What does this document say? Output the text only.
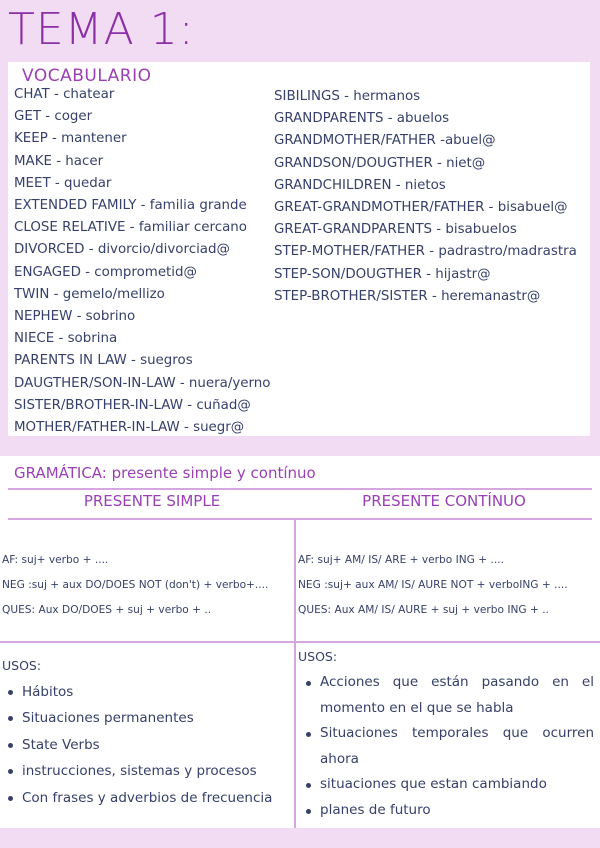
TEMA 1:
VOCABULARIO
CHAT - chatear
GET - coger
KEEP - mantener
MAKE - hacer
MEET - quedar
EXTENDED FAMILY - familia grande
CLOSE RELATIVE - familiar cercano
DIVORCED - divorcio/divorciad@
ENGAGED - comprometid@
TWIN - gemelo/mellizo
NEPHEW - sobrino
NIECE - sobrina
PARENTS IN LAW - suegros
DAUGTHER/SON-IN-LAW - nuera/yerno
SISTER/BROTHER-IN-LAW - cuñad@
MOTHER/FATHER-IN-LAW - suegr@
SIBILINGS - hermanos
GRANDPARENTS - abuelos
GRANDMOTHER/FATHER -abuel@
GRANDSON/DOUGTHER - niet@
GRANDCHILDREN - nietos
GREAT-GRANDMOTHER/FATHER - bisabuel@
GREAT-GRANDPARENTS - bisabuelos
STEP-MOTHER/FATHER - padrastro/madrastra
STEP-SON/DOUGTHER - hijastr@
STEP-BROTHER/SISTER - heremanastr@
GRAMÁTICA: presente simple y contínuo
PRESENTE SIMPLE	PRESENTE CONTÍNUO
AF: suj+ verbo + ....
NEG :suj + aux DO/DOES NOT (don't) + verbo+....
QUES: Aux DO/DOES + suj + verbo + ..
AF: suj+ AM/ IS/ ARE + verbo ING + ....
NEG :suj+ aux AM/ IS/ AURE NOT + verboING + ....
QUES: Aux AM/ IS/ AURE + suj + verbo ING + ..
USOS:
Hábitos
Situaciones permanentes
State Verbs
instrucciones, sistemas y procesos
Con frases y adverbios de frecuencia
USOS:
Acciones que están pasando en el momento en el que se habla
Situaciones temporales que ocurren ahora
situaciones que estan cambiando
planes de futuro
